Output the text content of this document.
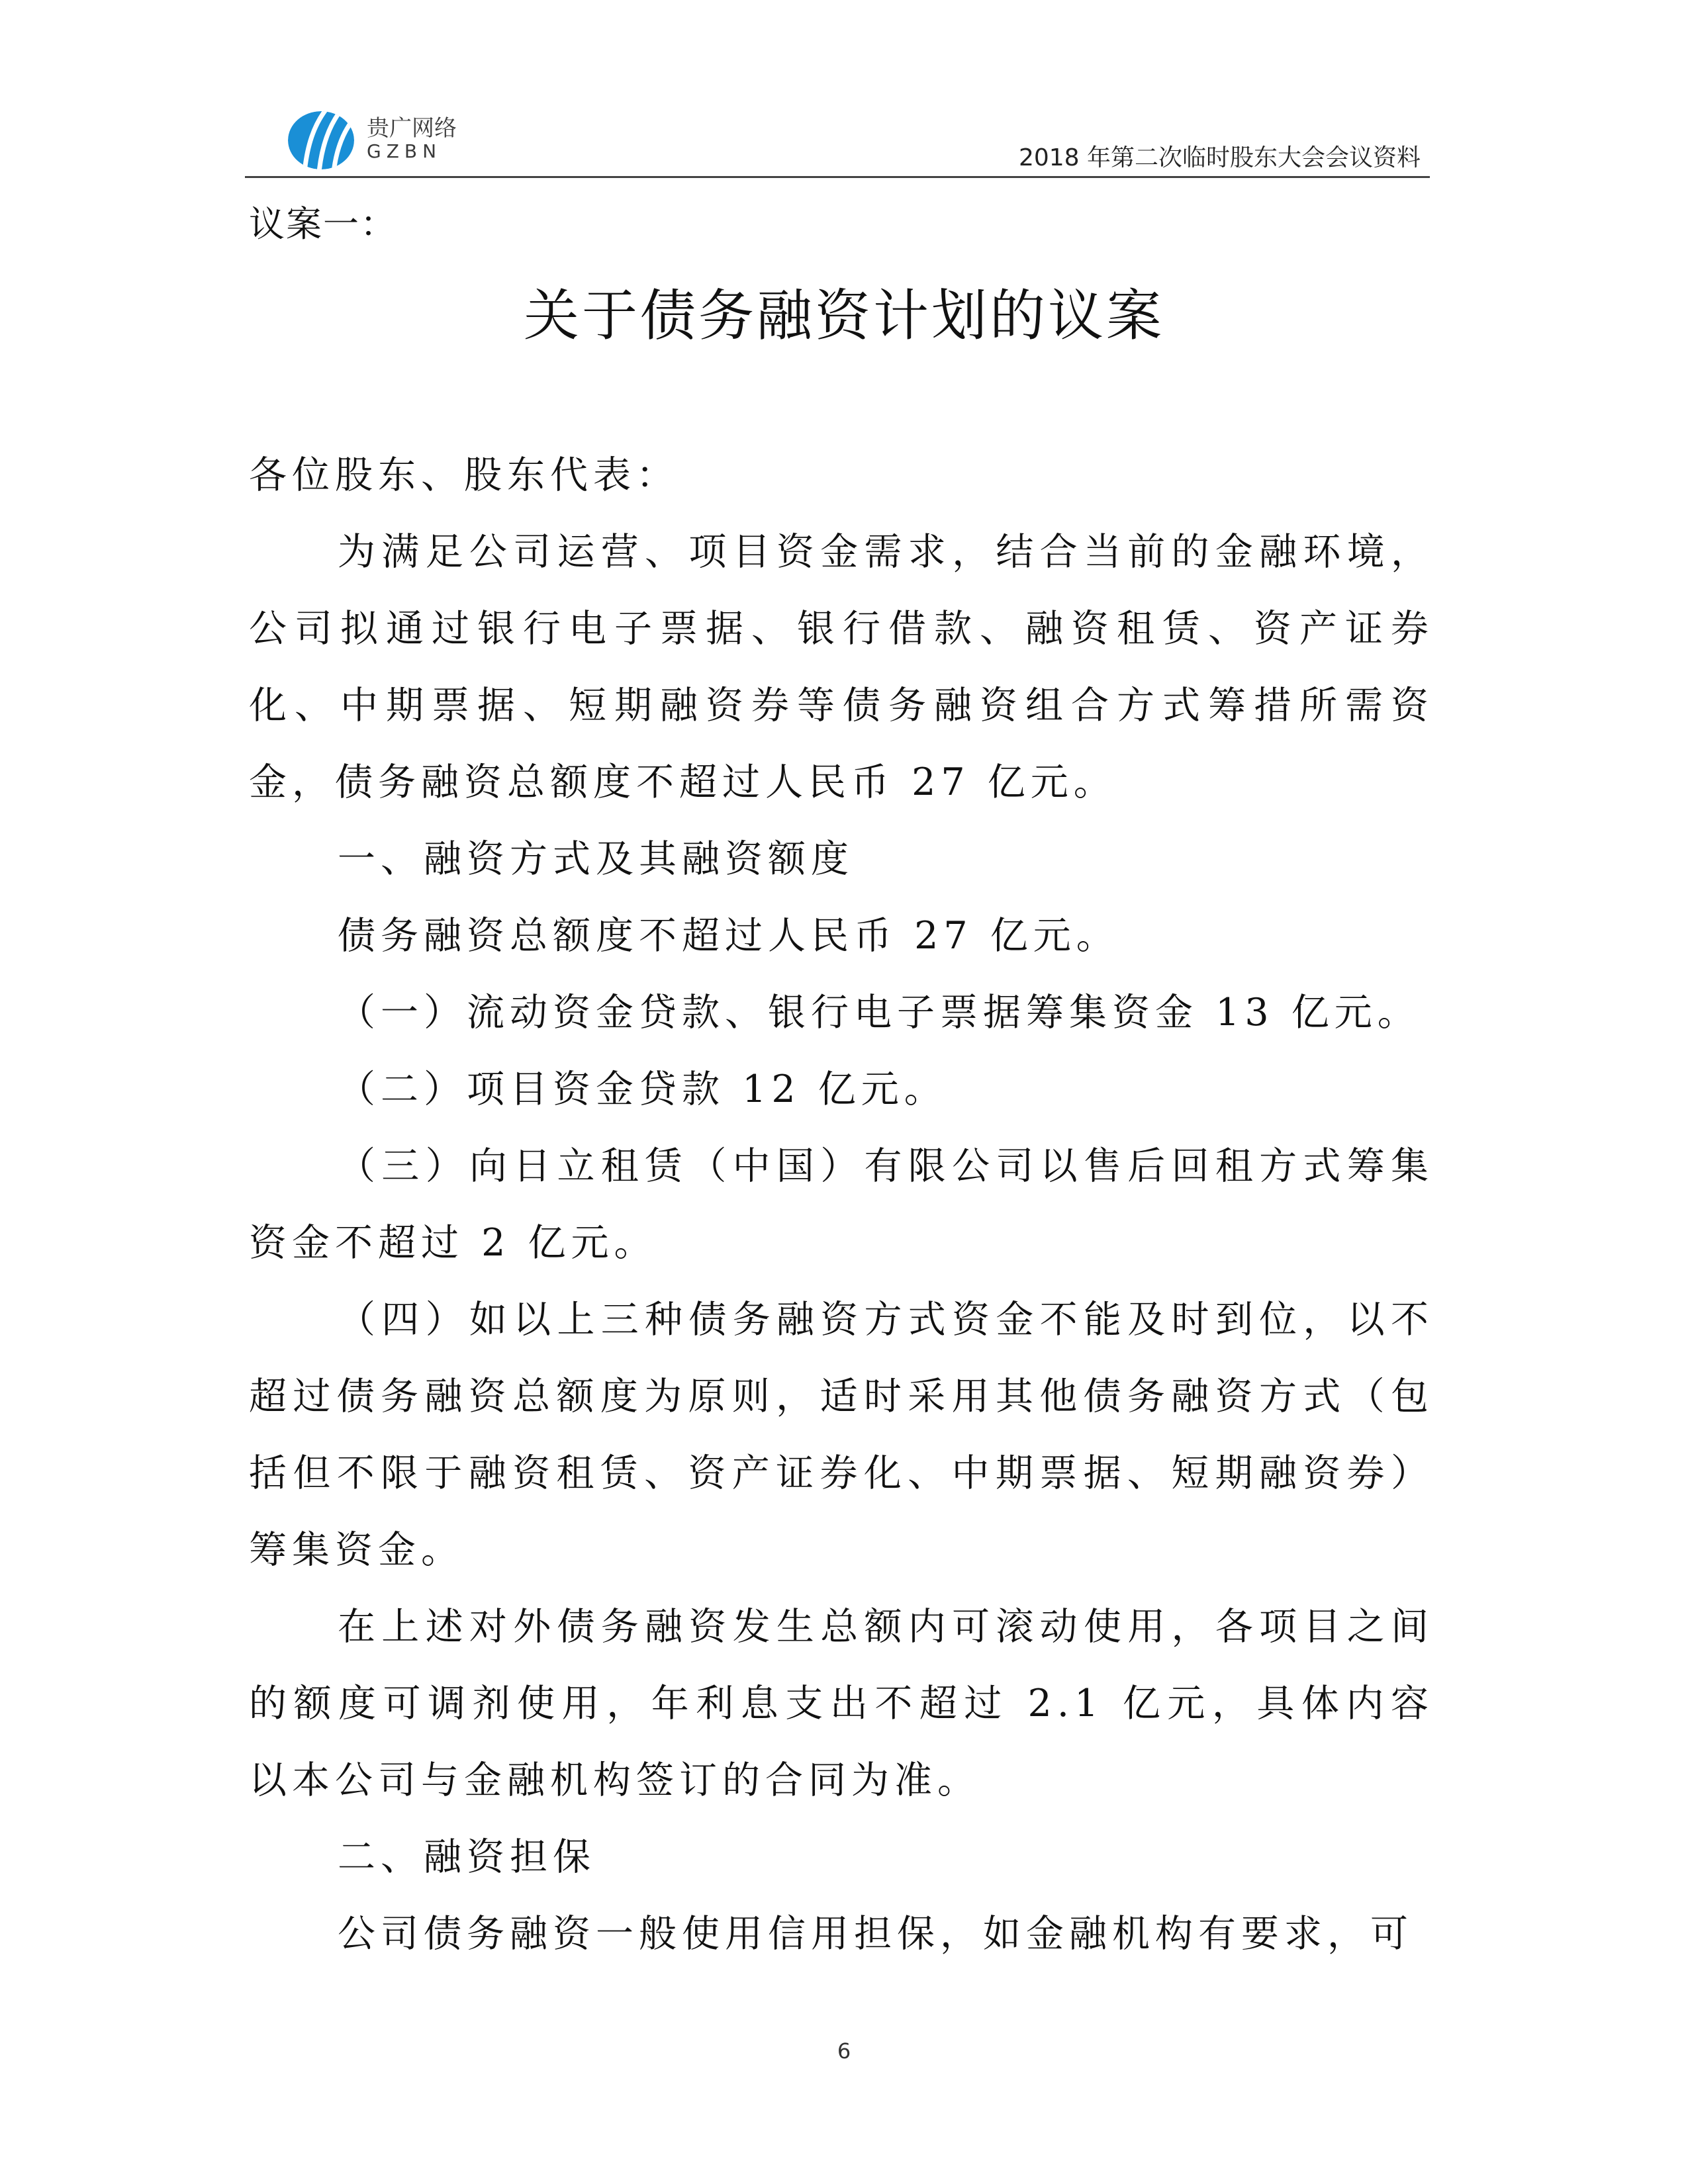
贵广网络
GZBN	2018 年第二次临时股东大会会议资料
议案一：
关于债务融资计划的议案

各位股东、股东代表：

为满足公司运营、项目资金需求，结合当前的金融环境，公司拟通过银行电子票据、银行借款、融资租赁、资产证券化、中期票据、短期融资券等债务融资组合方式筹措所需资金，债务融资总额度不超过人民币 27 亿元。

一、融资方式及其融资额度

债务融资总额度不超过人民币 27 亿元。

（一）流动资金贷款、银行电子票据筹集资金 13 亿元。

（二）项目资金贷款 12 亿元。

（三）向日立租赁（中国）有限公司以售后回租方式筹集资金不超过 2 亿元。

（四）如以上三种债务融资方式资金不能及时到位，以不超过债务融资总额度为原则，适时采用其他债务融资方式（包括但不限于融资租赁、资产证券化、中期票据、短期融资券）筹集资金。

在上述对外债务融资发生总额内可滚动使用，各项目之间的额度可调剂使用，年利息支出不超过 2.1 亿元，具体内容以本公司与金融机构签订的合同为准。

二、融资担保

公司债务融资一般使用信用担保，如金融机构有要求，可

6
